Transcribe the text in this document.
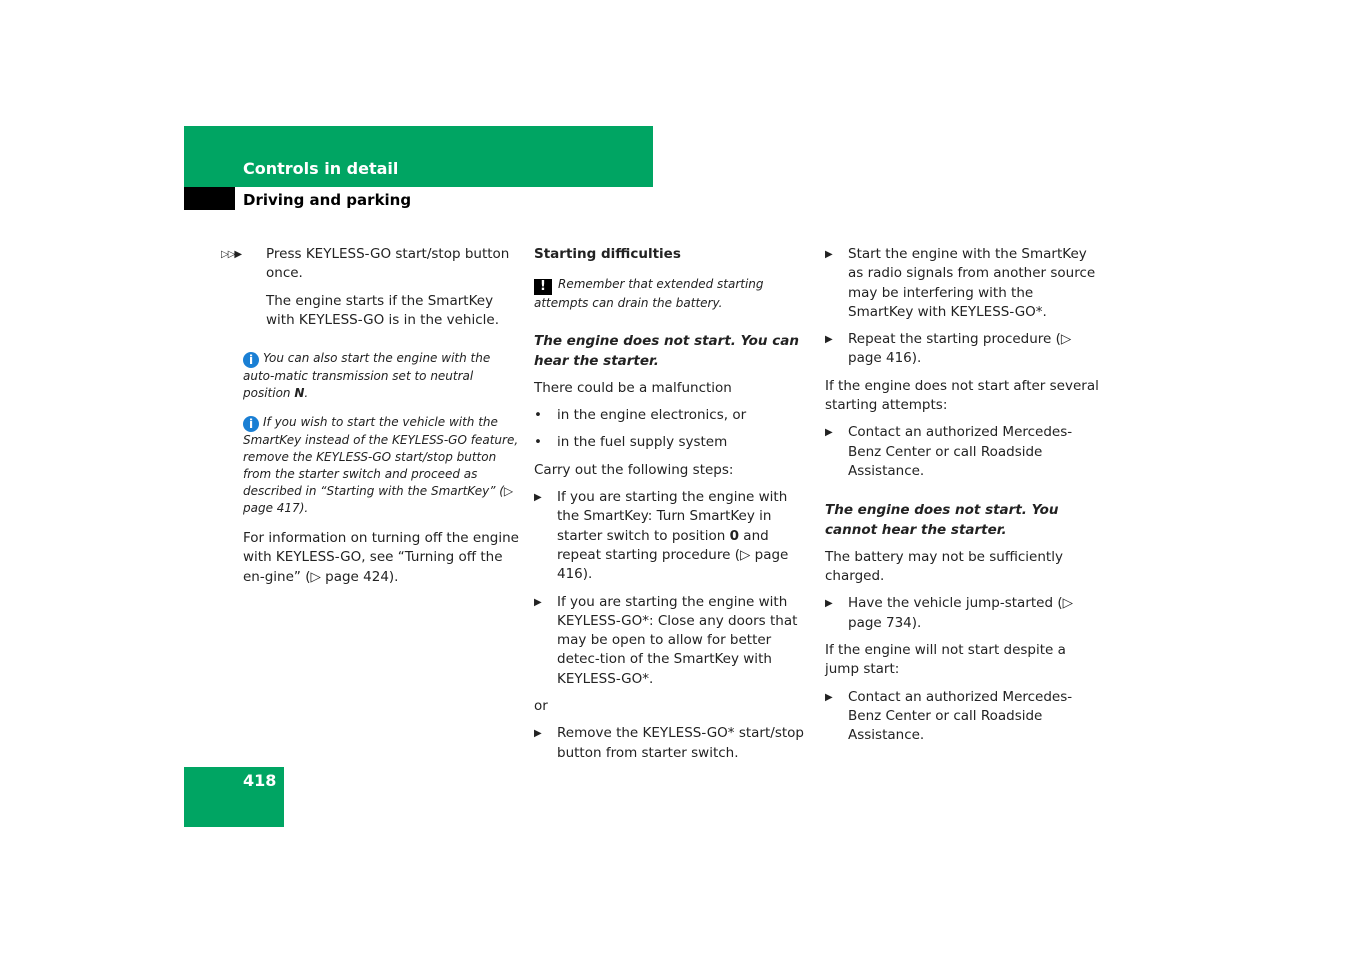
Controls in detail
Driving and parking
▷▷▶ Press KEYLESS-GO start/stop button once.

The engine starts if the SmartKey with KEYLESS-GO is in the vehicle.

i You can also start the engine with the auto-matic transmission set to neutral position N.
i If you wish to start the vehicle with the SmartKey instead of the KEYLESS-GO feature, remove the KEYLESS-GO start/stop button from the starter switch and proceed as described in “Starting with the SmartKey” (▷ page 417).

For information on turning off the engine with KEYLESS-GO, see “Turning off the en-gine” (▷ page 424).

Starting difficulties
! Remember that extended starting attempts can drain the battery.
The engine does not start. You can hear the starter.

There could be a malfunction

• in the engine electronics, or
• in the fuel supply system

Carry out the following steps:

▶ If you are starting the engine with the SmartKey: Turn SmartKey in starter switch to position 0 and repeat starting procedure (▷ page 416).
▶ If you are starting the engine with KEYLESS-GO*: Close any doors that may be open to allow for better detec-tion of the SmartKey with KEYLESS-GO*.

or

▶ Remove the KEYLESS-GO* start/stop button from starter switch.
▶ Start the engine with the SmartKey as radio signals from another source may be interfering with the SmartKey with KEYLESS-GO*.
▶ Repeat the starting procedure (▷ page 416).

If the engine does not start after several starting attempts:

▶ Contact an authorized Mercedes-Benz Center or call Roadside Assistance.
The engine does not start. You cannot hear the starter.

The battery may not be sufficiently charged.

▶ Have the vehicle jump-started (▷ page 734).

If the engine will not start despite a jump start:

▶ Contact an authorized Mercedes-Benz Center or call Roadside Assistance.
418
